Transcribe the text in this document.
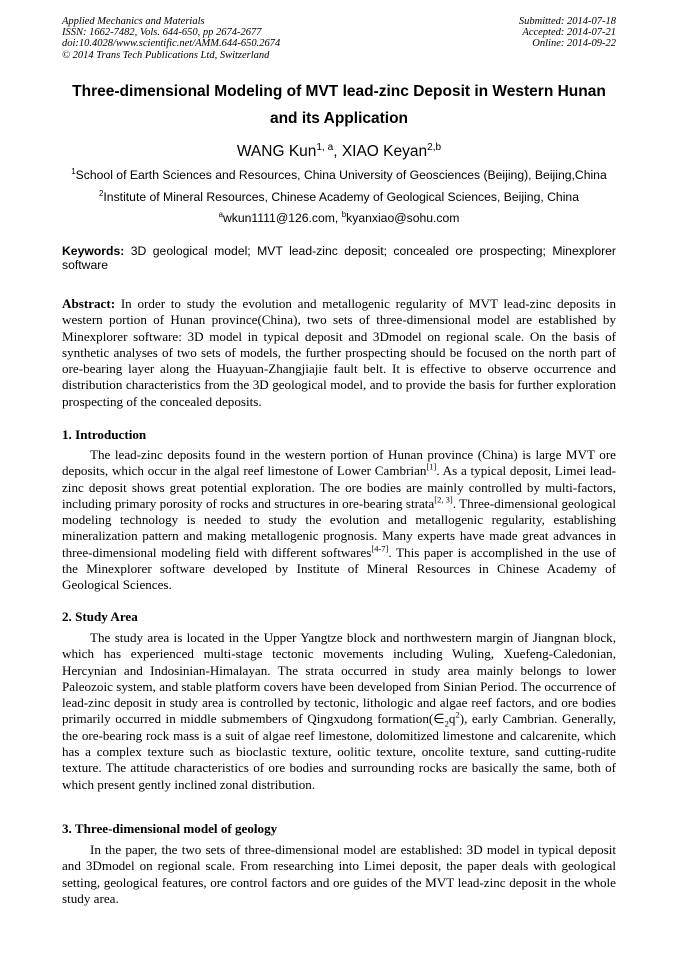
Applied Mechanics and Materials
ISSN: 1662-7482, Vols. 644-650, pp 2674-2677
doi:10.4028/www.scientific.net/AMM.644-650.2674
© 2014 Trans Tech Publications Ltd, Switzerland
Submitted: 2014-07-18
Accepted: 2014-07-21
Online: 2014-09-22
Three-dimensional Modeling of MVT lead-zinc Deposit in Western Hunan
and its Application
WANG Kun$^{1, a}$, XIAO Keyan$^{2,b}$
$^1$School of Earth Sciences and Resources, China University of Geosciences (Beijing), Beijing,China
$^2$Institute of Mineral Resources, Chinese Academy of Geological Sciences, Beijing, China
$^a$wkun1111@126.com, $^b$kyanxiao@sohu.com
Keywords: 3D geological model; MVT lead-zinc deposit; concealed ore prospecting; Minexplorer software
Abstract: In order to study the evolution and metallogenic regularity of MVT lead-zinc deposits in western portion of Hunan province(China), two sets of three-dimensional model are established by Minexplorer software: 3D model in typical deposit and 3Dmodel on regional scale. On the basis of synthetic analyses of two sets of models, the further prospecting should be focused on the north part of ore-bearing layer along the Huayuan-Zhangjiajie fault belt. It is effective to observe occurrence and distribution characteristics from the 3D geological model, and to provide the basis for further exploration prospecting of the concealed deposits.
1. Introduction
The lead-zinc deposits found in the western portion of Hunan province (China) is large MVT ore deposits, which occur in the algal reef limestone of Lower Cambrian[1]. As a typical deposit, Limei lead-zinc deposit shows great potential exploration. The ore bodies are mainly controlled by multi-factors, including primary porosity of rocks and structures in ore-bearing strata[2, 3]. Three-dimensional geological modeling technology is needed to study the evolution and metallogenic regularity, establishing mineralization pattern and making metallogenic prognosis. Many experts have made great advances in three-dimensional modeling field with different softwares[4-7]. This paper is accomplished in the use of the Minexplorer software developed by Institute of Mineral Resources in Chinese Academy of Geological Sciences.
2. Study Area
The study area is located in the Upper Yangtze block and northwestern margin of Jiangnan block, which has experienced multi-stage tectonic movements including Wuling, Xuefeng-Caledonian, Hercynian and Indosinian-Himalayan. The strata occurred in study area mainly belongs to lower Paleozoic system, and stable platform covers have been developed from Sinian Period. The occurrence of lead-zinc deposit in study area is controlled by tectonic, lithologic and algae reef factors, and ore bodies primarily occurred in middle submembers of Qingxudong $formation(\in_2q^2)$, early Cambrian. Generally, the ore-bearing rock mass is a suit of algae reef limestone, dolomitized limestone and calcarenite, which has a complex texture such as bioclastic texture, oolitic texture, oncolite texture, sand cutting-rudite texture. The attitude characteristics of ore bodies and surrounding rocks are basically the same, both of which present gently inclined zonal distribution.
3. Three-dimensional model of geology
In the paper, the two sets of three-dimensional model are established: 3D model in typical deposit and 3Dmodel on regional scale. From researching into Limei deposit, the paper deals with geological setting, geological features, ore control factors and ore guides of the MVT lead-zinc deposit in the whole study area.
